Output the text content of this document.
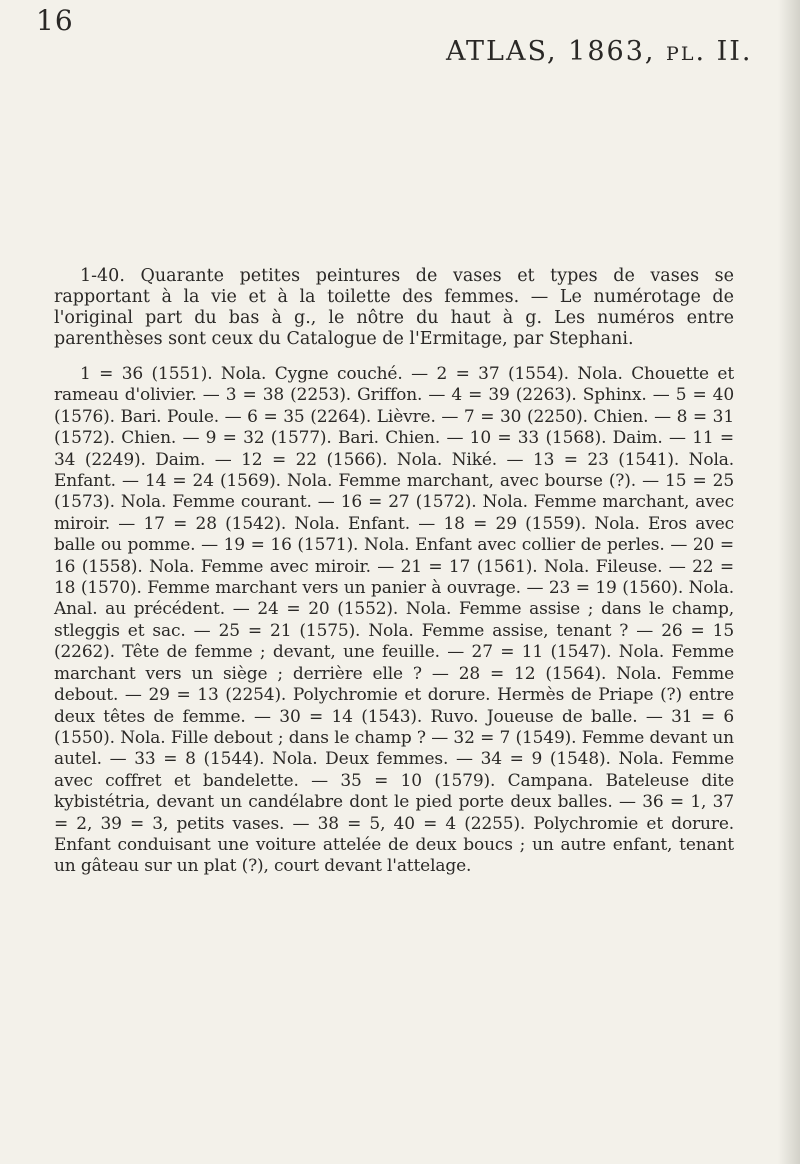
16
ATLAS, 1863, pl. II.

1-40. Quarante petites peintures de vases et types de vases se rapportant à la vie et à la toilette des femmes. — Le numérotage de l'original part du bas à g., le nôtre du haut à g. Les numéros entre parenthèses sont ceux du Catalogue de l'Ermitage, par Stephani.

1 = 36 (1551). Nola. Cygne couché. — 2 = 37 (1554). Nola. Chouette et rameau d'olivier. — 3 = 38 (2253). Griffon. — 4 = 39 (2263). Sphinx. — 5 = 40 (1576). Bari. Poule. — 6 = 35 (2264). Lièvre. — 7 = 30 (2250). Chien. — 8 = 31 (1572). Chien. — 9 = 32 (1577). Bari. Chien. — 10 = 33 (1568). Daim. — 11 = 34 (2249). Daim. — 12 = 22 (1566). Nola. Niké. — 13 = 23 (1541). Nola. Enfant. — 14 = 24 (1569). Nola. Femme marchant, avec bourse (?). — 15 = 25 (1573). Nola. Femme courant. — 16 = 27 (1572). Nola. Femme marchant, avec miroir. — 17 = 28 (1542). Nola. Enfant. — 18 = 29 (1559). Nola. Eros avec balle ou pomme. — 19 = 16 (1571). Nola. Enfant avec collier de perles. — 20 = 16 (1558). Nola. Femme avec miroir. — 21 = 17 (1561). Nola. Fileuse. — 22 = 18 (1570). Femme marchant vers un panier à ouvrage. — 23 = 19 (1560). Nola. Anal. au précédent. — 24 = 20 (1552). Nola. Femme assise ; dans le champ, stleggis et sac. — 25 = 21 (1575). Nola. Femme assise, tenant ? — 26 = 15 (2262). Tête de femme ; devant, une feuille. — 27 = 11 (1547). Nola. Femme marchant vers un siège ; derrière elle ? — 28 = 12 (1564). Nola. Femme debout. — 29 = 13 (2254). Polychromie et dorure. Hermès de Priape (?) entre deux têtes de femme. — 30 = 14 (1543). Ruvo. Joueuse de balle. — 31 = 6 (1550). Nola. Fille debout ; dans le champ ? — 32 = 7 (1549). Femme devant un autel. — 33 = 8 (1544). Nola. Deux femmes. — 34 = 9 (1548). Nola. Femme avec coffret et bandelette. — 35 = 10 (1579). Campana. Bateleuse dite kybistétria, devant un candélabre dont le pied porte deux balles. — 36 = 1, 37 = 2, 39 = 3, petits vases. — 38 = 5, 40 = 4 (2255). Polychromie et dorure. Enfant conduisant une voiture attelée de deux boucs ; un autre enfant, tenant un gâteau sur un plat (?), court devant l'attelage.
